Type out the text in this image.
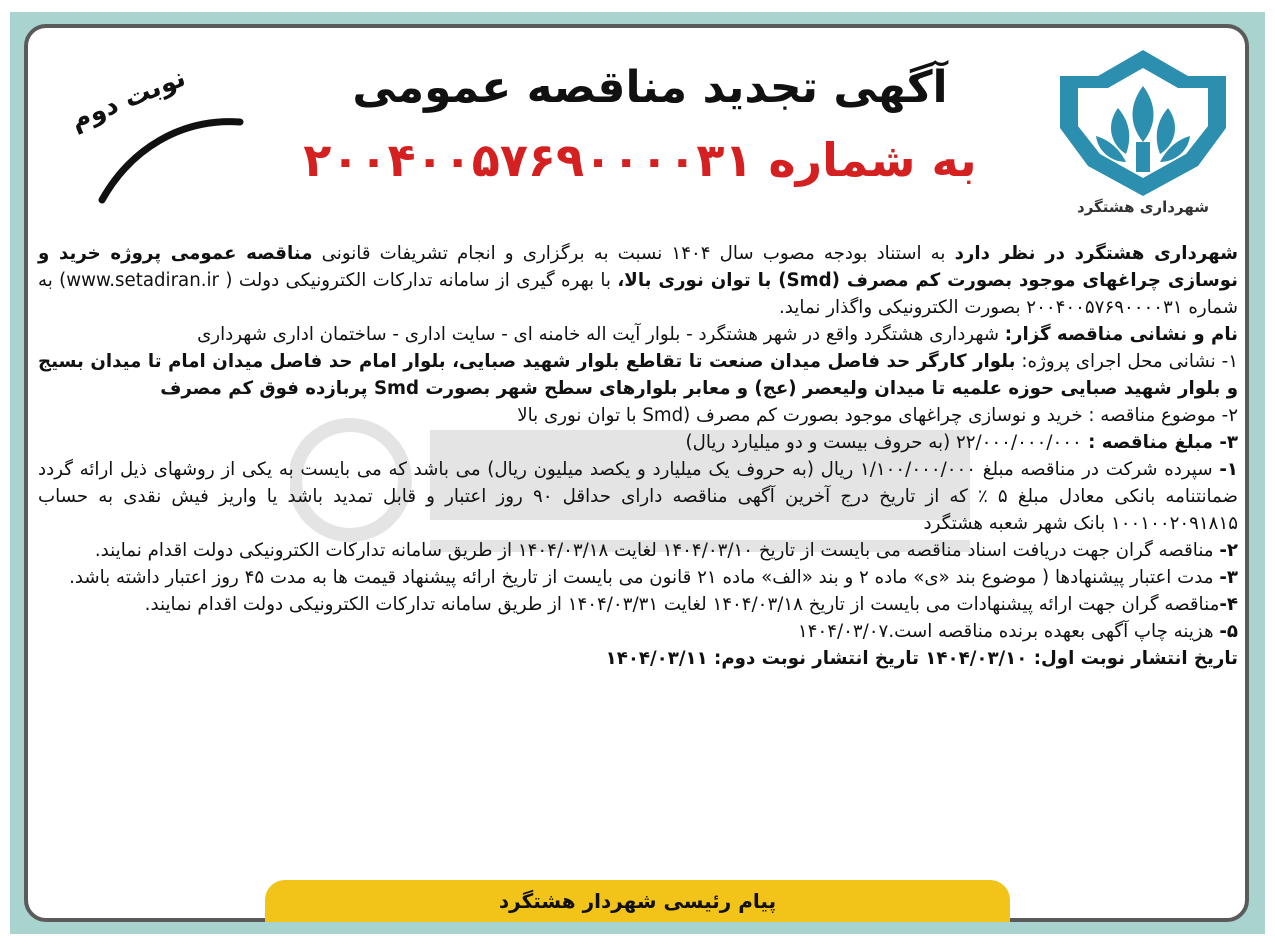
شهرداری هشتگرد
آگهی تجدید مناقصه عمومی
به شماره ۲۰۰۴۰۰۵۷۶۹۰۰۰۰۳۱
نوبت دوم

شهرداری هشتگرد در نظر دارد به استناد بودجه مصوب سال ۱۴۰۴ نسبت به برگزاری و انجام تشریفات قانونی مناقصه عمومی پروژه خرید و نوسازی چراغهای موجود بصورت کم مصرف (Smd) با توان نوری بالا، با بهره گیری از سامانه تدارکات الکترونیکی دولت ( www.setadiran.ir) به شماره ۲۰۰۴۰۰۵۷۶۹۰۰۰۰۳۱ بصورت الکترونیکی واگذار نماید.

نام و نشانی مناقصه گزار: شهرداری هشتگرد واقع در شهر هشتگرد - بلوار آیت اله خامنه ای - سایت اداری - ساختمان اداری شهرداری

۱- نشانی محل اجرای پروژه: بلوار کارگر حد فاصل میدان صنعت تا تقاطع بلوار شهید صبایی، بلوار امام حد فاصل میدان امام تا میدان بسیج و بلوار شهید صبایی حوزه علمیه تا میدان ولیعصر (عج) و معابر بلوارهای سطح شهر بصورت Smd پربازده فوق کم مصرف

۲- موضوع مناقصه : خرید و نوسازی چراغهای موجود بصورت کم مصرف (Smd با توان نوری بالا

۳- مبلغ مناقصه : ۲۲/۰۰۰/۰۰۰/۰۰۰ (به حروف بیست و دو میلیارد ریال)

۱- سپرده شرکت در مناقصه مبلغ ۱/۱۰۰/۰۰۰/۰۰۰ ریال (به حروف یک میلیارد و یکصد میلیون ریال) می باشد که می بایست به یکی از روشهای ذیل ارائه گردد ضمانتنامه بانکی معادل مبلغ ۵ ٪ که از تاریخ درج آخرین آگهی مناقصه دارای حداقل ۹۰ روز اعتبار و قابل تمدید باشد یا واریز فیش نقدی به حساب ۱۰۰۱۰۰۲۰۹۱۸۱۵ بانک شهر شعبه هشتگرد

۲- مناقصه گران جهت دریافت اسناد مناقصه می بایست از تاریخ ۱۴۰۴/۰۳/۱۰ لغایت ۱۴۰۴/۰۳/۱۸ از طریق سامانه تدارکات الکترونیکی دولت اقدام نمایند.

۳- مدت اعتبار پیشنهادها ( موضوع بند «ی» ماده ۲ و بند «الف» ماده ۲۱ قانون می بایست از تاریخ ارائه پیشنهاد قیمت ها به مدت ۴۵ روز اعتبار داشته باشد.

۴-مناقصه گران جهت ارائه پیشنهادات می بایست از تاریخ ۱۴۰۴/۰۳/۱۸ لغایت ۱۴۰۴/۰۳/۳۱ از طریق سامانه تدارکات الکترونیکی دولت اقدام نمایند.

۵- هزینه چاپ آگهی بعهده برنده مناقصه است.۱۴۰۴/۰۳/۰۷

تاریخ انتشار نوبت اول: ۱۴۰۴/۰۳/۱۰ تاریخ انتشار نوبت دوم: ۱۴۰۴/۰۳/۱۱

پیام رئیسی شهردار هشتگرد
